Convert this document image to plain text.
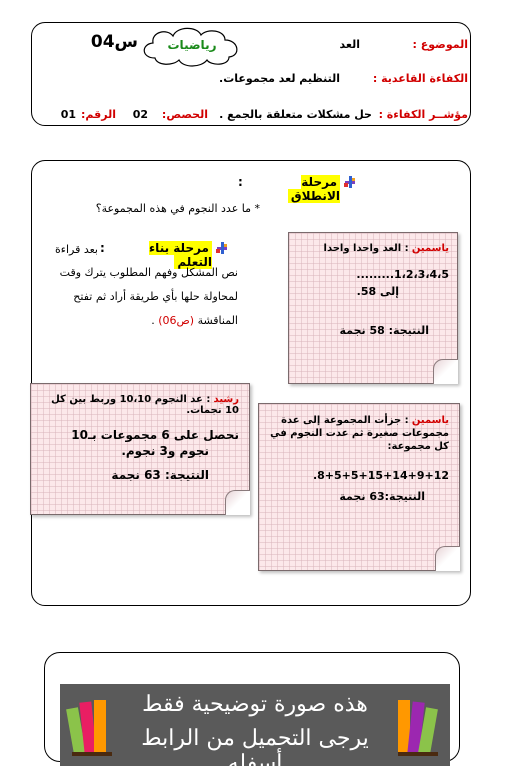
الموضوع :
العد
س04	رياضيات
الكفاءة القاعدية :
التنظيم لعد مجموعات.
مؤشــر الكفاءة :
حل مشكلات متعلقة بالجمع .
الحصص:
02
الرقم:
01
مرحلة الانطلاق
:
* ما عدد النجوم في هذه المجموعة؟
مرحلة بناء التعلم
:
بعد قراءة
نص المشكل وفهم المطلوب يترك وقت
لمحاولة حلها بأي طريقة أراد ثم تفتح
المناقشة (ص06) .

ياسمين : العد واحدا واحدا

1،2،3،4،5.........

إلى 58.

النتيجة: 58 نجمة

رشيد : عد النجوم 10،10 وربط بين كل 10 نجمات.

نحصل على 6 مجموعات بـ10

نجوم و3 نجوم.

النتيجة: 63 نجمة

ياسمين : جزأت المجموعة إلى عدة مجموعات صغيرة ثم عدت النجوم في كل مجموعة:

8+5+5+15+14+9+12.

النتيجة:63 نجمة

هذه صورة توضيحية فقط
يرجى التحميل من الرابط أسفله
